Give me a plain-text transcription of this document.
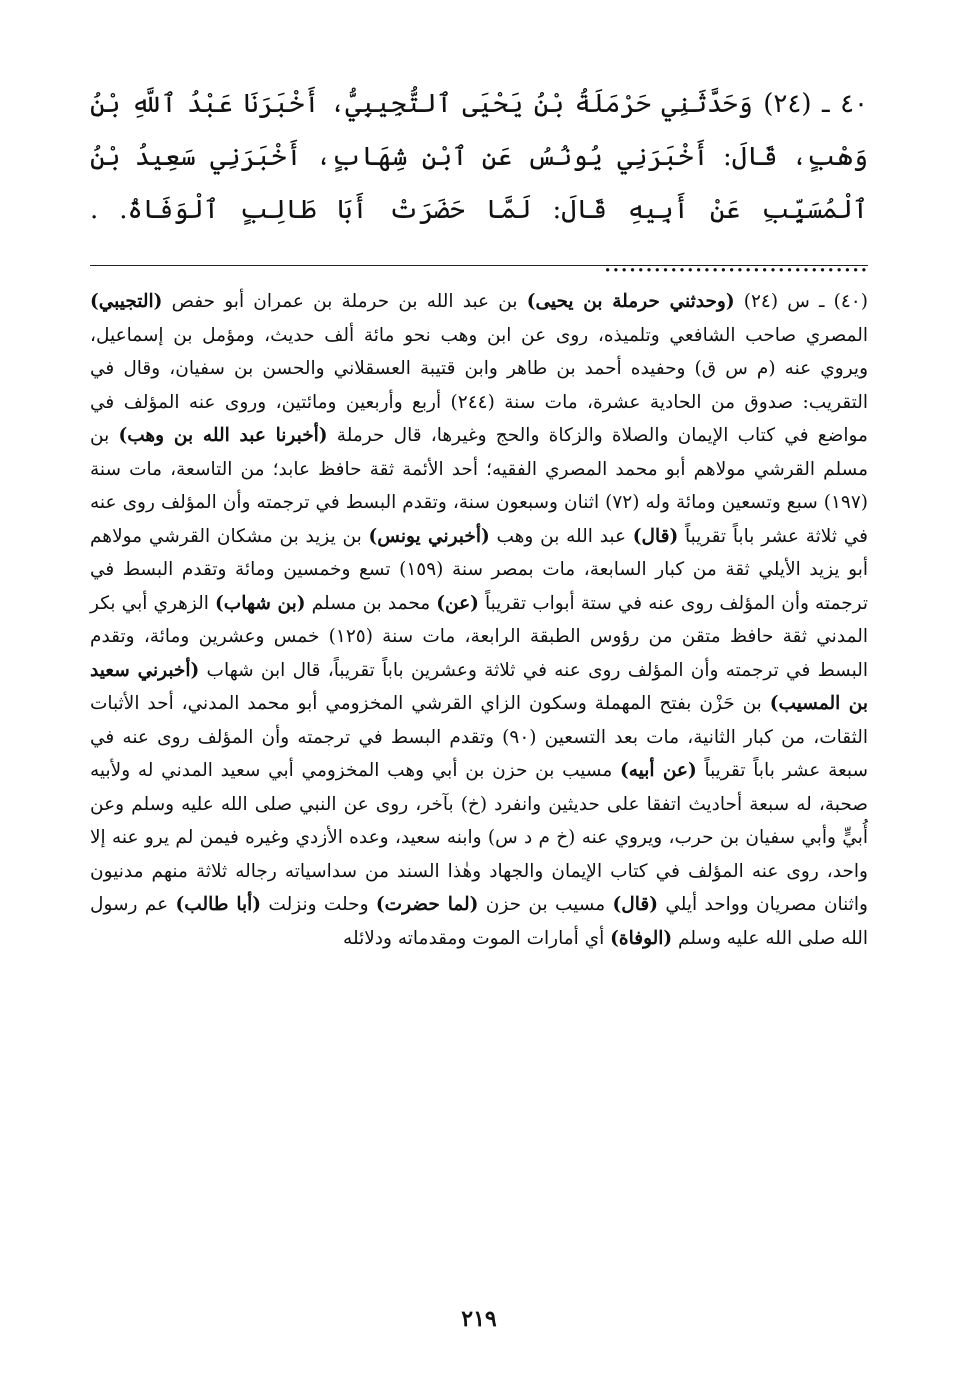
٤٠ ـ (٢٤) وَحَدَّثَنِي حَرْمَلَةُ بْنُ يَحْيَى ٱلتُّجِيبِيُّ، أَخْبَرَنَا عَبْدُ ٱللَّهِ بْنُ وَهْبٍ، قَالَ: أَخْبَرَنِي يُونُسُ عَنِ ٱبْنِ شِهَابٍ، أَخْبَرَنِي سَعِيدُ بْنُ ٱلْمُسَيِّبِ عَنْ أَبِيهِ قَالَ: لَمَّا حَضَرَتْ أَبَا طَالِبٍ ٱلْوَفَاةُ. . ................................
(٤٠) ـ س (٢٤) (وحدثني حرملة بن يحيى) بن عبد الله بن حرملة بن عمران أبو حفص (التجيبي) المصري صاحب الشافعي وتلميذه، روى عن ابن وهب نحو مائة ألف حديث، ومؤمل بن إسماعيل، ويروي عنه (م س ق) وحفيده أحمد بن طاهر وابن قتيبة العسقلاني والحسن بن سفيان، وقال في التقريب: صدوق من الحادية عشرة، مات سنة (٢٤٤) أربع وأربعين ومائتين، وروى عنه المؤلف في مواضع في كتاب الإيمان والصلاة والزكاة والحج وغيرها، قال حرملة (أخبرنا عبد الله بن وهب) بن مسلم القرشي مولاهم أبو محمد المصري الفقيه؛ أحد الأئمة ثقة حافظ عابد؛ من التاسعة، مات سنة (١٩٧) سبع وتسعين ومائة وله (٧٢) اثنان وسبعون سنة، وتقدم البسط في ترجمته وأن المؤلف روى عنه في ثلاثة عشر باباً تقريباً (قال) عبد الله بن وهب (أخبرني يونس) بن يزيد بن مشكان القرشي مولاهم أبو يزيد الأيلي ثقة من كبار السابعة، مات بمصر سنة (١٥٩) تسع وخمسين ومائة وتقدم البسط في ترجمته وأن المؤلف روى عنه في ستة أبواب تقريباً (عن) محمد بن مسلم (بن شهاب) الزهري أبي بكر المدني ثقة حافظ متقن من رؤوس الطبقة الرابعة، مات سنة (١٢٥) خمس وعشرين ومائة، وتقدم البسط في ترجمته وأن المؤلف روى عنه في ثلاثة وعشرين باباً تقريباً، قال ابن شهاب (أخبرني سعيد بن المسيب) بن حَزْن بفتح المهملة وسكون الزاي القرشي المخزومي أبو محمد المدني، أحد الأثبات الثقات، من كبار الثانية، مات بعد التسعين (٩٠) وتقدم البسط في ترجمته وأن المؤلف روى عنه في سبعة عشر باباً تقريباً (عن أبيه) مسيب بن حزن بن أبي وهب المخزومي أبي سعيد المدني له ولأبيه صحبة، له سبعة أحاديث اتفقا على حديثين وانفرد (خ) بآخر، روى عن النبي صلى الله عليه وسلم وعن أُبيٍّ وأبي سفيان بن حرب، ويروي عنه (خ م د س) وابنه سعيد، وعده الأزدي وغيره فيمن لم يرو عنه إلا واحد، روى عنه المؤلف في كتاب الإيمان والجهاد وهٰذا السند من سداسياته رجاله ثلاثة منهم مدنيون واثنان مصريان وواحد أيلي (قال) مسيب بن حزن (لما حضرت) وحلت ونزلت (أبا طالب) عم رسول الله صلى الله عليه وسلم (الوفاة) أي أمارات الموت ومقدماته ودلائله
٢١٩
